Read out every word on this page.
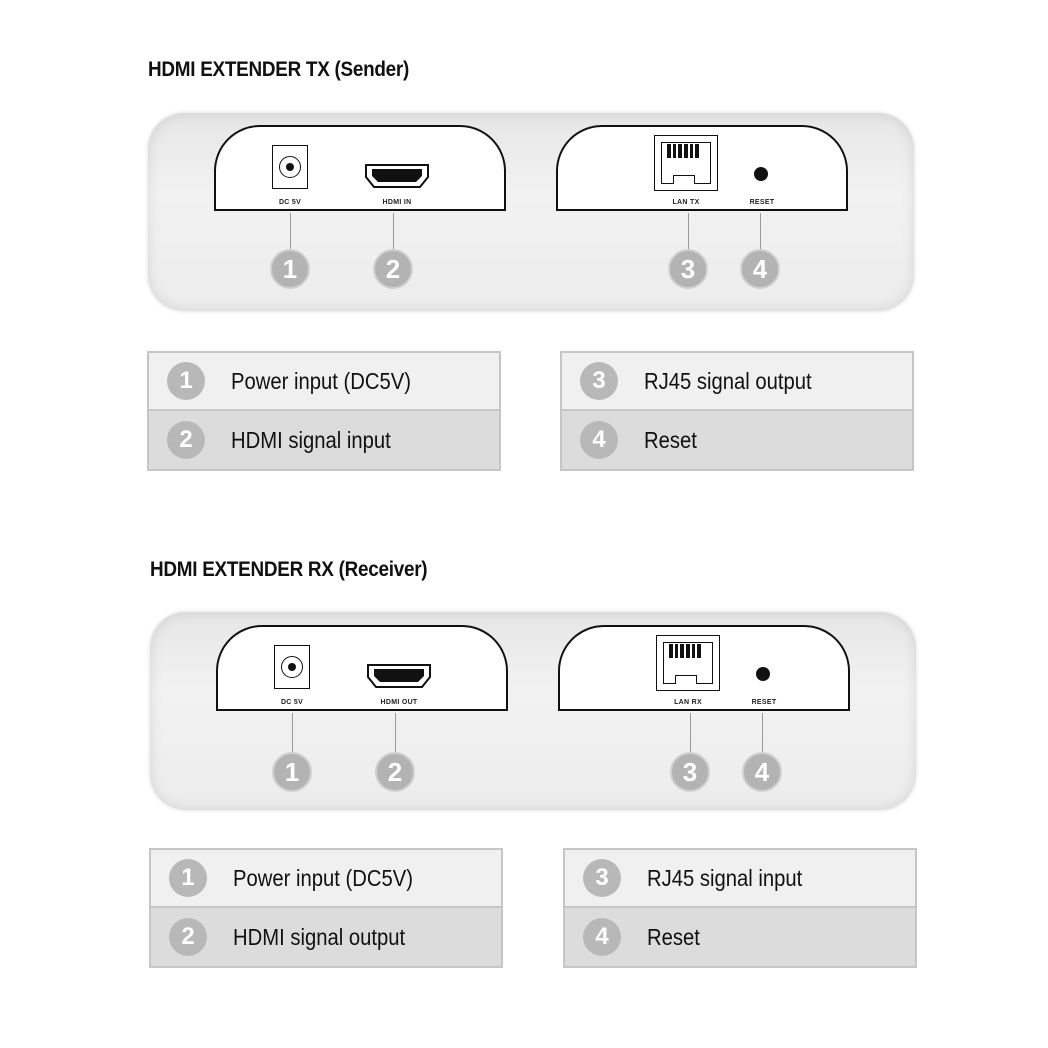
HDMI EXTENDER TX (Sender)
DC 5V	HDMI IN	LAN TX	RESET
1	2	3	4
1	Power input (DC5V)
2	HDMI signal input
3	RJ45 signal output
4	Reset
HDMI EXTENDER RX (Receiver)
DC 5V	HDMI OUT	LAN RX	RESET
1	2	3	4
1	Power input (DC5V)
2	HDMI signal output
3	RJ45 signal input
4	Reset
